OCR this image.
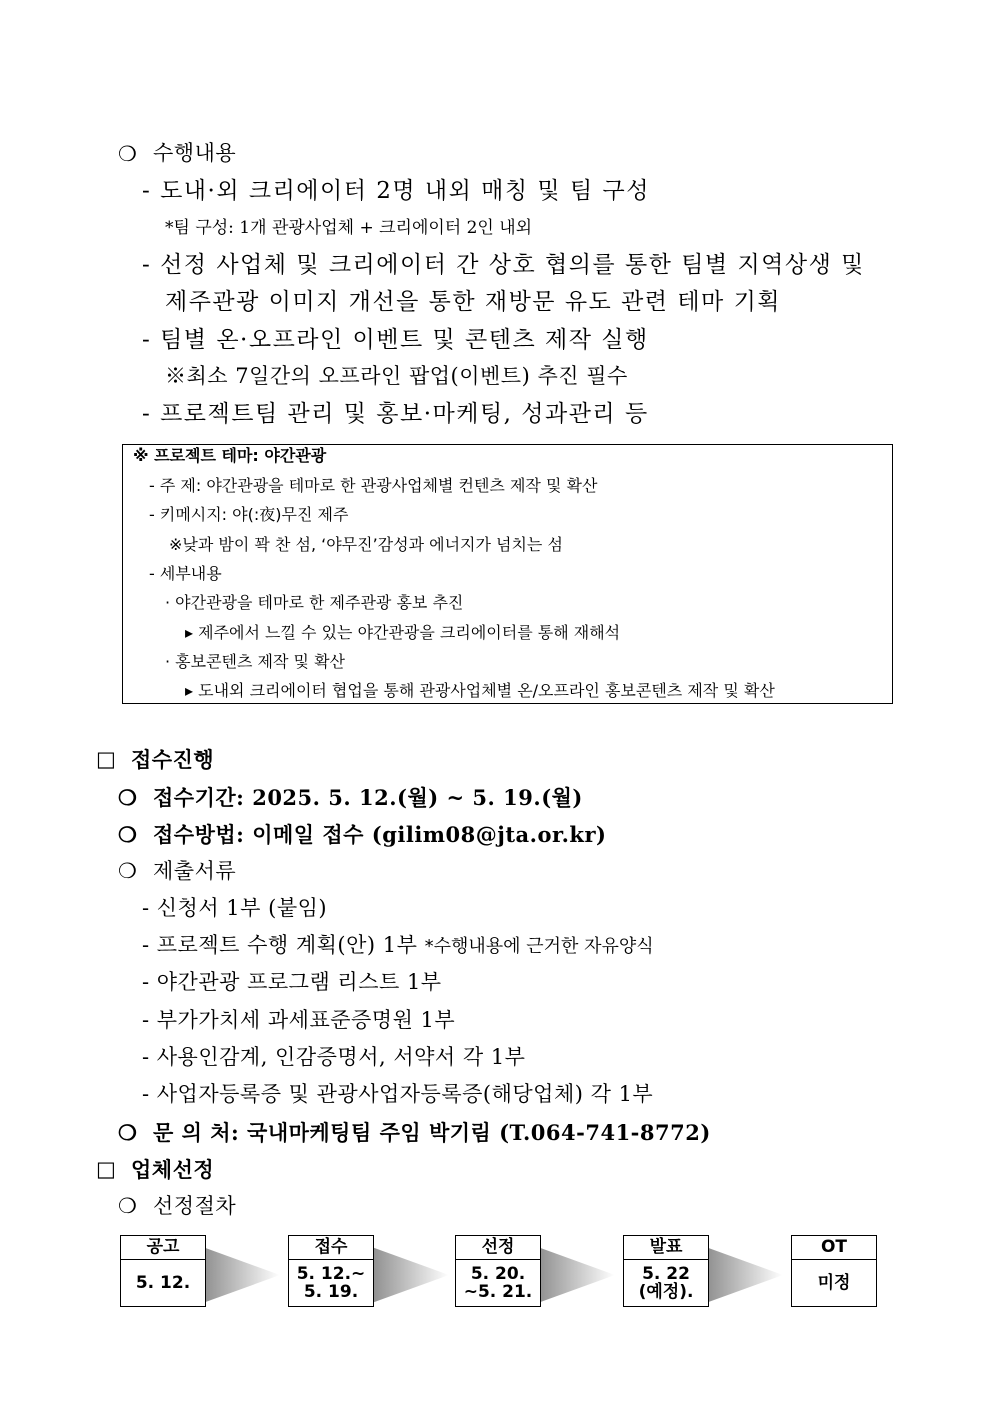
❍ 수행내용
- 도내·외 크리에이터 2명 내외 매칭 및 팀 구성
*팀 구성: 1개 관광사업체 + 크리에이터 2인 내외
- 선정 사업체 및 크리에이터 간 상호 협의를 통한 팀별 지역상생 및
제주관광 이미지 개선을 통한 재방문 유도 관련 테마 기획
- 팀별 온·오프라인 이벤트 및 콘텐츠 제작 실행
※최소 7일간의 오프라인 팝업(이벤트) 추진 필수
- 프로젝트팀 관리 및 홍보·마케팅, 성과관리 등
※ 프로젝트 테마: 야간관광
- 주 제: 야간관광을 테마로 한 관광사업체별 컨텐츠 제작 및 확산
- 키메시지: 야(:夜)무진 제주
※낮과 밤이 꽉 찬 섬, ‘야무진’감성과 에너지가 넘치는 섬
- 세부내용
· 야간관광을 테마로 한 제주관광 홍보 추진
▸ 제주에서 느낄 수 있는 야간관광을 크리에이터를 통해 재해석
· 홍보콘텐츠 제작 및 확산
▸ 도내외 크리에이터 협업을 통해 관광사업체별 온/오프라인 홍보콘텐츠 제작 및 확산
□ 접수진행
❍ 접수기간: 2025. 5. 12.(월) ~ 5. 19.(월)
❍ 접수방법: 이메일 접수 (gilim08@jta.or.kr)
❍ 제출서류
- 신청서 1부 (붙임)
- 프로젝트 수행 계획(안) 1부 *수행내용에 근거한 자유양식
- 야간관광 프로그램 리스트 1부
- 부가가치세 과세표준증명원 1부
- 사용인감계, 인감증명서, 서약서 각 1부
- 사업자등록증 및 관광사업자등록증(해당업체) 각 1부
❍ 문 의 처: 국내마케팅팀 주임 박기림 (T.064-741-8772)
□ 업체선정
❍ 선정절차
공고
5. 12.
접수
5. 12.~
5. 19.
선정
5. 20.
~5. 21.
발표
5. 22
(예정).
OT
미정
